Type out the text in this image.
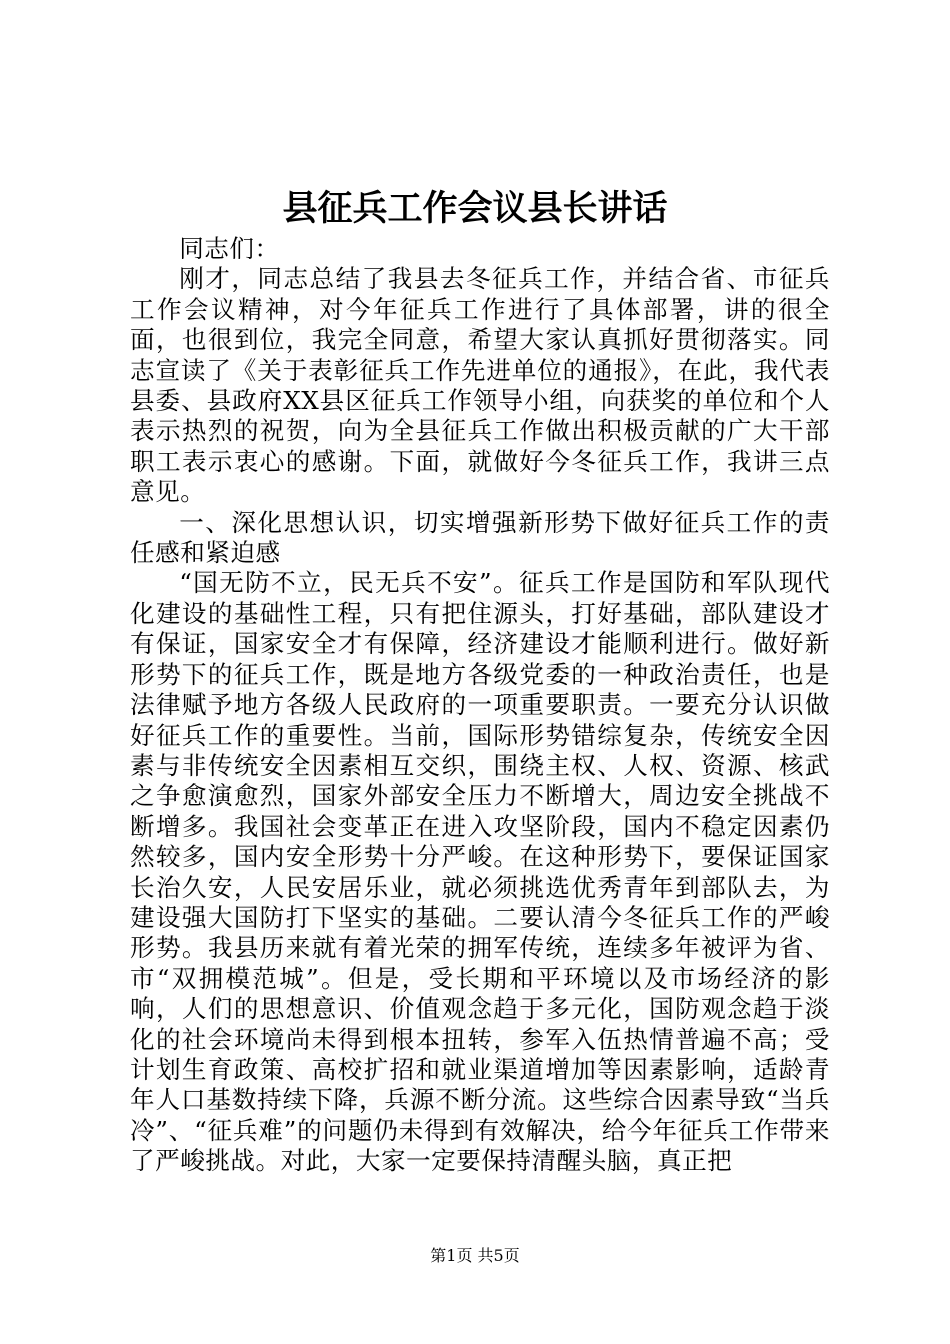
县征兵工作会议县长讲话

同志们：

刚才，同志总结了我县去冬征兵工作，并结合省、市征兵工作会议精神，对今年征兵工作进行了具体部署，讲的很全面，也很到位，我完全同意，希望大家认真抓好贯彻落实。同志宣读了《关于表彰征兵工作先进单位的通报》，在此，我代表县委、县政府XX县区征兵工作领导小组，向获奖的单位和个人表示热烈的祝贺，向为全县征兵工作做出积极贡献的广大干部职工表示衷心的感谢。下面，就做好今冬征兵工作，我讲三点意见。

一、深化思想认识，切实增强新形势下做好征兵工作的责任感和紧迫感

“国无防不立，民无兵不安”。征兵工作是国防和军队现代化建设的基础性工程，只有把住源头，打好基础，部队建设才有保证，国家安全才有保障，经济建设才能顺利进行。做好新形势下的征兵工作，既是地方各级党委的一种政治责任，也是法律赋予地方各级人民政府的一项重要职责。一要充分认识做好征兵工作的重要性。当前，国际形势错综复杂，传统安全因素与非传统安全因素相互交织，围绕主权、人权、资源、核武之争愈演愈烈，国家外部安全压力不断增大，周边安全挑战不断增多。我国社会变革正在进入攻坚阶段，国内不稳定因素仍然较多，国内安全形势十分严峻。在这种形势下，要保证国家长治久安，人民安居乐业，就必须挑选优秀青年到部队去，为建设强大国防打下坚实的基础。二要认清今冬征兵工作的严峻形势。我县历来就有着光荣的拥军传统，连续多年被评为省、市“双拥模范城”。但是，受长期和平环境以及市场经济的影响，人们的思想意识、价值观念趋于多元化，国防观念趋于淡化的社会环境尚未得到根本扭转，参军入伍热情普遍不高；受计划生育政策、高校扩招和就业渠道增加等因素影响，适龄青年人口基数持续下降，兵源不断分流。这些综合因素导致“当兵冷”、“征兵难”的问题仍未得到有效解决，给今年征兵工作带来了严峻挑战。对此，大家一定要保持清醒头脑，真正把

第1页 共5页
